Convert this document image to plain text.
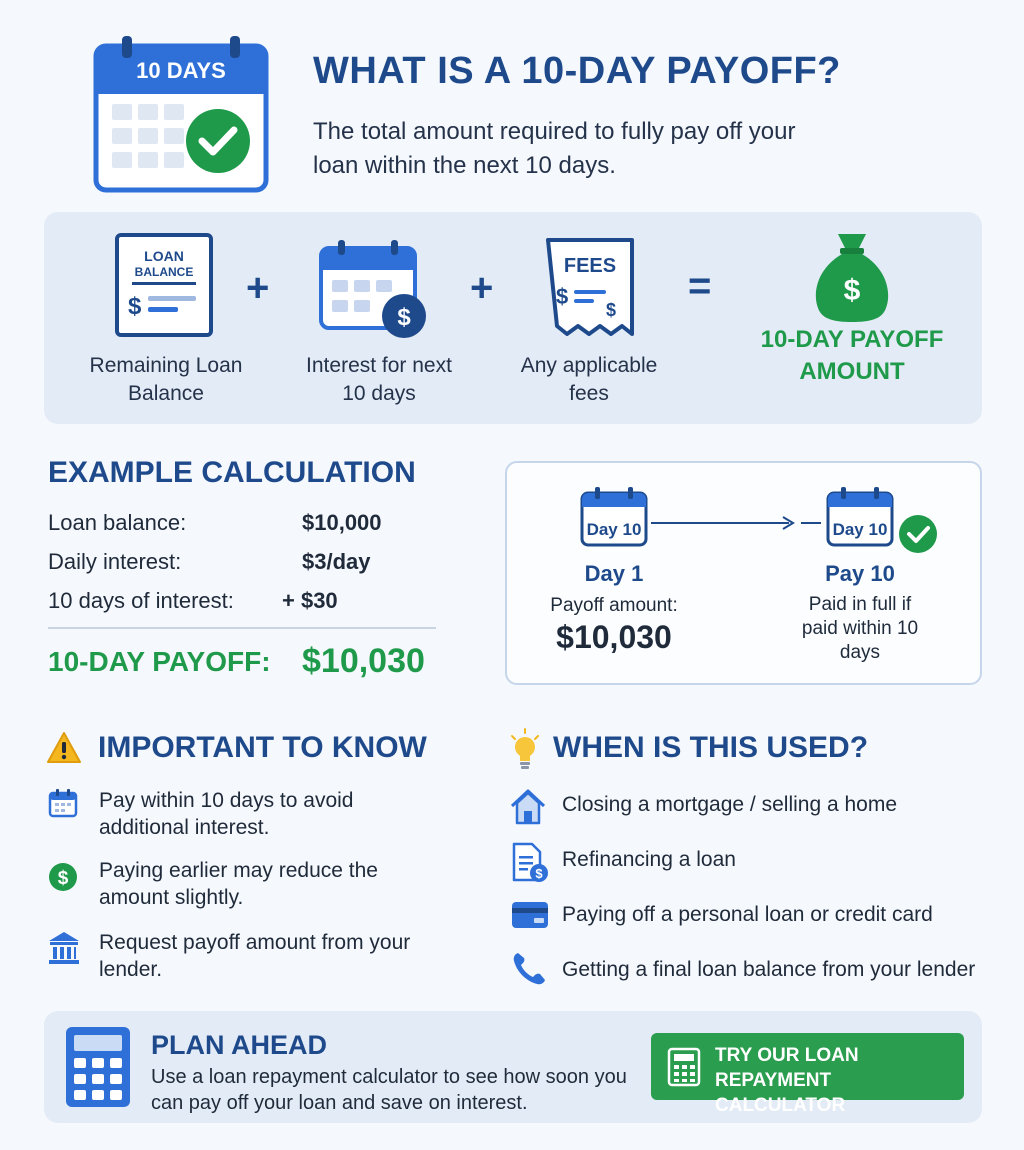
10 DAYS WHAT IS A 10-DAY PAYOFF?
The total amount required to fully pay off your loan within the next 10 days.
LOAN
BALANCE
$	+
$
+	FEES
$
$
=	$
Remaining Loan Balance
Interest for next 10 days
Any applicable fees
10-DAY PAYOFF AMOUNT
EXAMPLE CALCULATION
Loan balance:	$10,000
Daily interest:	$3/day
10 days of interest: + $30
10-DAY PAYOFF: $10,030
Day 10	Day 10
Day 1
Payoff amount:
$10,030
Pay 10
Paid in full if paid within 10 days
IMPORTANT TO KNOW
Pay within 10 days to avoid additional interest.
$ Paying earlier may reduce the amount slightly.
Request payoff amount from your lender.
WHEN IS THIS USED?
Closing a mortgage / selling a home
$
Refinancing a loan
Paying off a personal loan or credit card
Getting a final loan balance from your lender
PLAN AHEAD
Use a loan repayment calculator to see how soon you can pay off your loan and save on interest.
TRY OUR LOAN REPAYMENT CALCULATOR
